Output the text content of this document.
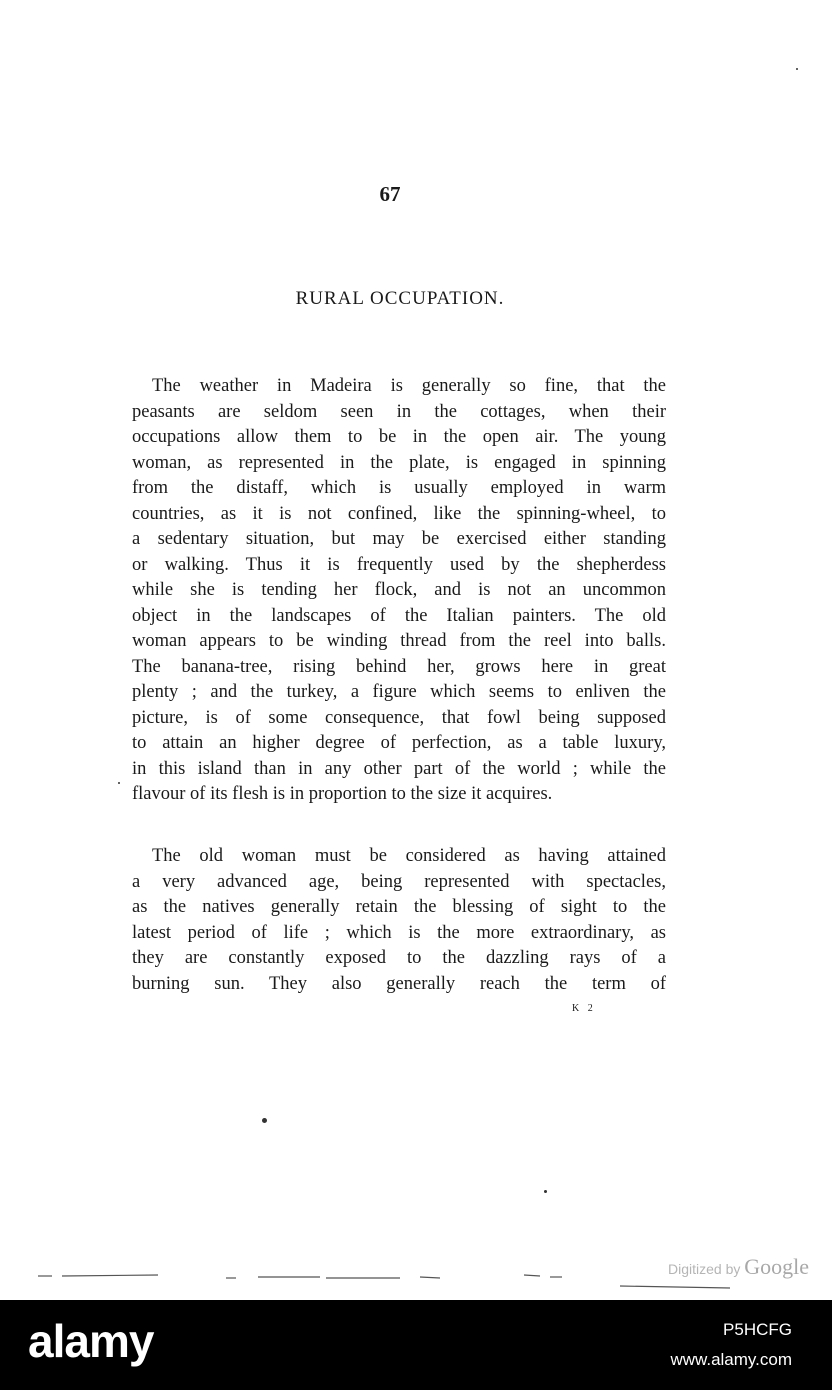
67
RURAL OCCUPATION.
The weather in Madeira is generally so fine, that the
peasants are seldom seen in the cottages, when their
occupations allow them to be in the open air. The young
woman, as represented in the plate, is engaged in spinning
from the distaff, which is usually employed in warm
countries, as it is not confined, like the spinning-wheel, to
a sedentary situation, but may be exercised either standing
or walking. Thus it is frequently used by the shepherdess
while she is tending her flock, and is not an uncommon
object in the landscapes of the Italian painters. The old
woman appears to be winding thread from the reel into balls.
The banana-tree, rising behind her, grows here in great
plenty ; and the turkey, a figure which seems to enliven the
picture, is of some consequence, that fowl being supposed
to attain an higher degree of perfection, as a table luxury,
in this island than in any other part of the world ; while the
flavour of its flesh is in proportion to the size it acquires.
The old woman must be considered as having attained
a very advanced age, being represented with spectacles,
as the natives generally retain the blessing of sight to the
latest period of life ; which is the more extraordinary, as
they are constantly exposed to the dazzling rays of a
burning sun. They also generally reach the term of
K 2
Digitized by Google
alamy	P5HCFG
www.alamy.com
